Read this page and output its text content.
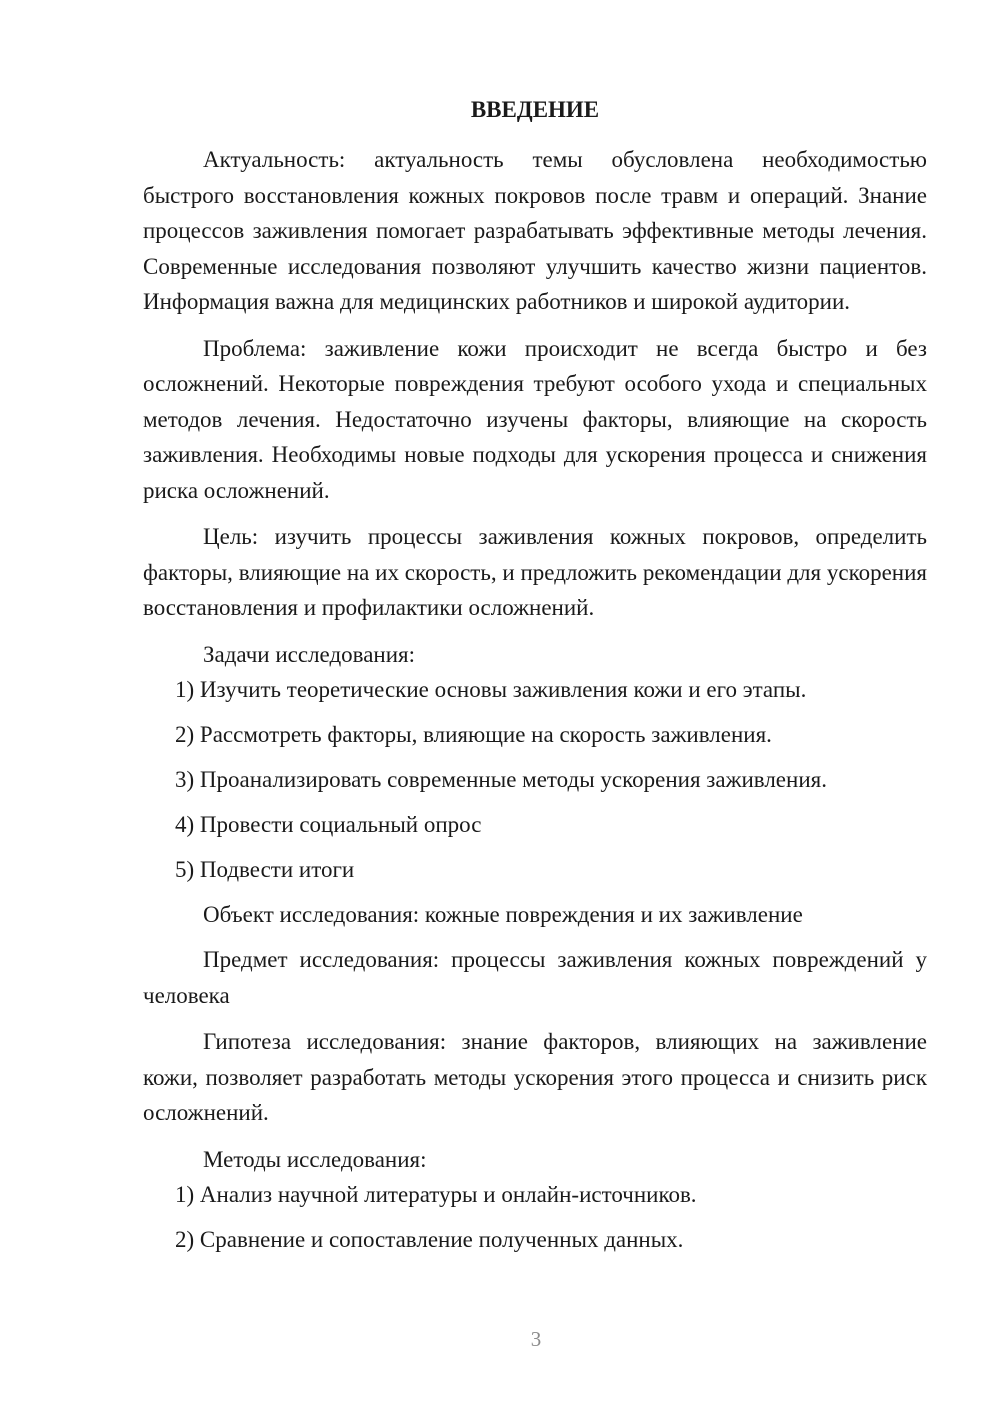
ВВЕДЕНИЕ

Актуальность: актуальность темы обусловлена необходимостью быстрого восстановления кожных покровов после травм и операций. Знание процессов заживления помогает разрабатывать эффективные методы лечения. Современные исследования позволяют улучшить качество жизни пациентов. Информация важна для медицинских работников и широкой аудитории.

Проблема: заживление кожи происходит не всегда быстро и без осложнений. Некоторые повреждения требуют особого ухода и специальных методов лечения. Недостаточно изучены факторы, влияющие на скорость заживления. Необходимы новые подходы для ускорения процесса и снижения риска осложнений.

Цель: изучить процессы заживления кожных покровов, определить факторы, влияющие на их скорость, и предложить рекомендации для ускорения восстановления и профилактики осложнений.

Задачи исследования:

1) Изучить теоретические основы заживления кожи и его этапы.

2) Рассмотреть факторы, влияющие на скорость заживления.

3) Проанализировать современные методы ускорения заживления.

4) Провести социальный опрос

5) Подвести итоги

Объект исследования: кожные повреждения и их заживление

Предмет исследования: процессы заживления кожных повреждений у человека

Гипотеза исследования: знание факторов, влияющих на заживление кожи, позволяет разработать методы ускорения этого процесса и снизить риск осложнений.

Методы исследования:

1) Анализ научной литературы и онлайн-источников.

2) Сравнение и сопоставление полученных данных.

3
